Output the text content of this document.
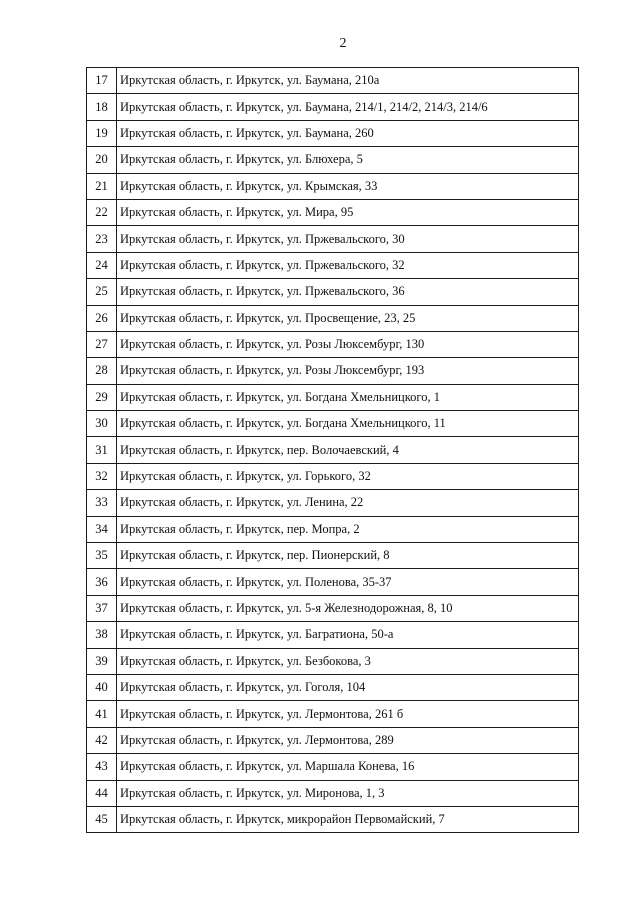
2
17	Иркутская область, г. Иркутск, ул. Баумана, 210а
18	Иркутская область, г. Иркутск, ул. Баумана, 214/1, 214/2, 214/3, 214/6
19	Иркутская область, г. Иркутск, ул. Баумана, 260
20	Иркутская область, г. Иркутск, ул. Блюхера, 5
21	Иркутская область, г. Иркутск, ул. Крымская, 33
22	Иркутская область, г. Иркутск, ул. Мира, 95
23	Иркутская область, г. Иркутск, ул. Пржевальского, 30
24	Иркутская область, г. Иркутск, ул. Пржевальского, 32
25	Иркутская область, г. Иркутск, ул. Пржевальского, 36
26	Иркутская область, г. Иркутск, ул. Просвещение, 23, 25
27	Иркутская область, г. Иркутск, ул. Розы Люксембург, 130
28	Иркутская область, г. Иркутск, ул. Розы Люксембург, 193
29	Иркутская область, г. Иркутск, ул. Богдана Хмельницкого, 1
30	Иркутская область, г. Иркутск, ул. Богдана Хмельницкого, 11
31	Иркутская область, г. Иркутск, пер. Волочаевский, 4
32	Иркутская область, г. Иркутск, ул. Горького, 32
33	Иркутская область, г. Иркутск, ул. Ленина, 22
34	Иркутская область, г. Иркутск, пер. Мопра, 2
35	Иркутская область, г. Иркутск, пер. Пионерский, 8
36	Иркутская область, г. Иркутск, ул. Поленова, 35-37
37	Иркутская область, г. Иркутск, ул. 5-я Железнодорожная, 8, 10
38	Иркутская область, г. Иркутск, ул. Багратиона, 50-а
39	Иркутская область, г. Иркутск, ул. Безбокова, 3
40	Иркутская область, г. Иркутск, ул. Гоголя, 104
41	Иркутская область, г. Иркутск, ул. Лермонтова, 261 б
42	Иркутская область, г. Иркутск, ул. Лермонтова, 289
43	Иркутская область, г. Иркутск, ул. Маршала Конева, 16
44	Иркутская область, г. Иркутск, ул. Миронова, 1, 3
45	Иркутская область, г. Иркутск, микрорайон Первомайский, 7
